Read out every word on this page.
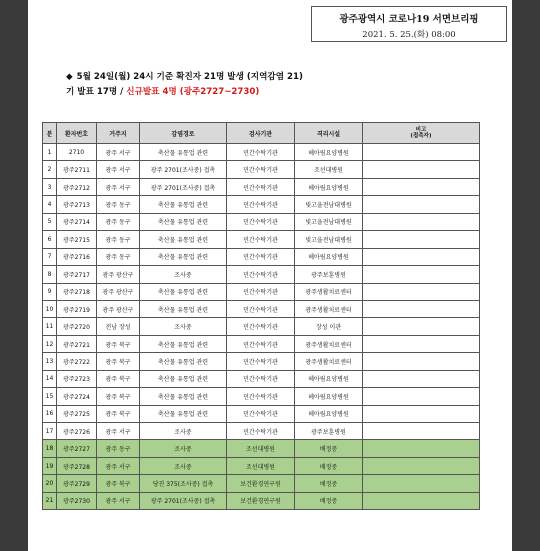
광주광역시 코로나19 서면브리핑
2021. 5. 25.(화) 08:00
◆ 5월 24일(월) 24시 기준 확진자 21명 발생 (지역감염 21)
기 발표 17명 / 신규발표 4명 (광주2727~2730)
분	환자번호	거주지	감염경로	검사기관	격리시설	비고
(접촉자)

1	2710	광주 서구	축산물 유통업 관련	민간수탁기관	헤아림요양병원	
2	광주2711	광주 서구	광주 2701(조사중) 접촉	민간수탁기관	조선대병원	
3	광주2712	광주 서구	광주 2701(조사중) 접촉	민간수탁기관	헤아림요양병원	
4	광주2713	광주 동구	축산물 유통업 관련	민간수탁기관	빛고을전남대병원	
5	광주2714	광주 동구	축산물 유통업 관련	민간수탁기관	빛고을전남대병원	
6	광주2715	광주 동구	축산물 유통업 관련	민간수탁기관	빛고을전남대병원	
7	광주2716	광주 동구	축산물 유통업 관련	민간수탁기관	헤아림요양병원	
8	광주2717	광주 광산구	조사중	민간수탁기관	광주보훈병원	
9	광주2718	광주 광산구	축산물 유통업 관련	민간수탁기관	광주생활치료센터	
10	광주2719	광주 광산구	축산물 유통업 관련	민간수탁기관	광주생활치료센터	
11	광주2720	전남 장성	조사중	민간수탁기관	장성 이관	
12	광주2721	광주 북구	축산물 유통업 관련	민간수탁기관	광주생활치료센터	
13	광주2722	광주 북구	축산물 유통업 관련	민간수탁기관	광주생활치료센터	
14	광주2723	광주 북구	축산물 유통업 관련	민간수탁기관	헤아림요양병원	
15	광주2724	광주 북구	축산물 유통업 관련	민간수탁기관	헤아림요양병원	
16	광주2725	광주 북구	축산물 유통업 관련	민간수탁기관	헤아림요양병원	
17	광주2726	광주 서구	조사중	민간수탁기관	광주보훈병원	
18	광주2727	광주 동구	조사중	조선대병원	배정중	
19	광주2728	광주 서구	조사중	조선대병원	배정중	
20	광주2729	광주 북구	당진 375(조사중) 접촉	보건환경연구원	배정중	
21	광주2730	광주 서구	광주 2701(조사중) 접촉	보건환경연구원	배정중	
